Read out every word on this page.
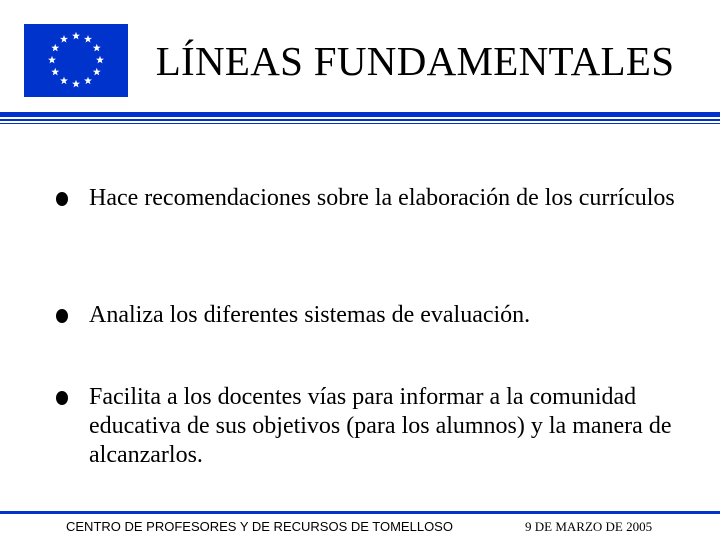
LÍNEAS FUNDAMENTALES
Hace recomendaciones sobre la elaboración de los currículos
Analiza los diferentes sistemas de evaluación.
Facilita a los docentes vías para informar a la comunidad educativa de sus objetivos (para los alumnos) y la manera de alcanzarlos.
CENTRO DE PROFESORES Y DE RECURSOS DE TOMELLOSO	9 DE MARZO DE 2005
